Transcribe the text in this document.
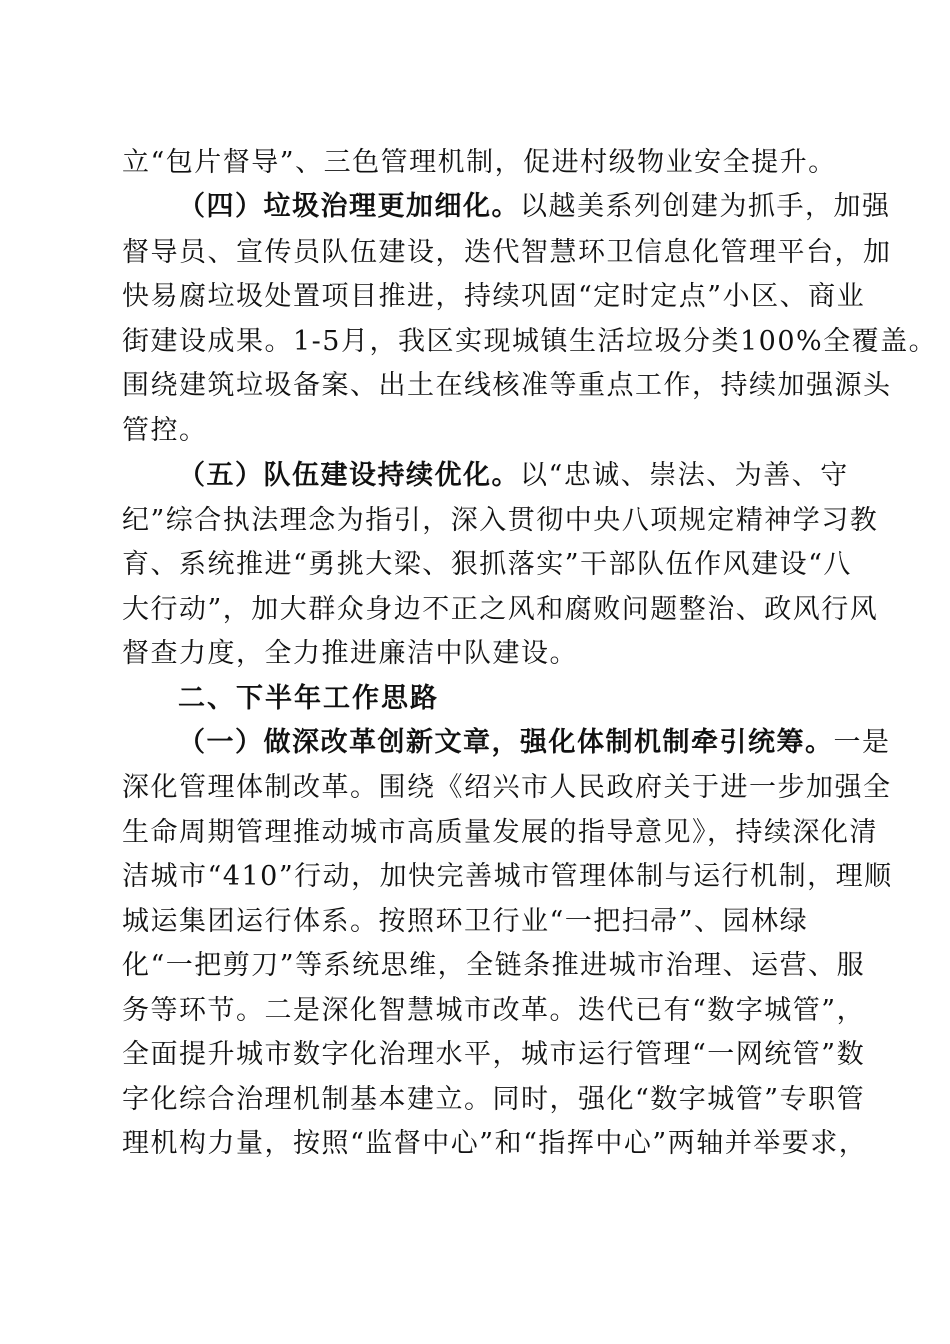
立“包片督导”、三色管理机制，促进村级物业安全提升。
（四）垃圾治理更加细化。以越美系列创建为抓手，加强
督导员、宣传员队伍建设，迭代智慧环卫信息化管理平台，加
快易腐垃圾处置项目推进，持续巩固“定时定点”小区、商业
街建设成果。1-5月，我区实现城镇生活垃圾分类100%全覆盖。
围绕建筑垃圾备案、出土在线核准等重点工作，持续加强源头
管控。
（五）队伍建设持续优化。以“忠诚、崇法、为善、守
纪”综合执法理念为指引，深入贯彻中央八项规定精神学习教
育、系统推进“勇挑大梁、狠抓落实”干部队伍作风建设“八
大行动”，加大群众身边不正之风和腐败问题整治、政风行风
督查力度，全力推进廉洁中队建设。
二、下半年工作思路
（一）做深改革创新文章，强化体制机制牵引统筹。一是
深化管理体制改革。围绕《绍兴市人民政府关于进一步加强全
生命周期管理推动城市高质量发展的指导意见》，持续深化清
洁城市“410”行动，加快完善城市管理体制与运行机制，理顺
城运集团运行体系。按照环卫行业“一把扫帚”、园林绿
化“一把剪刀”等系统思维，全链条推进城市治理、运营、服
务等环节。二是深化智慧城市改革。迭代已有“数字城管”，
全面提升城市数字化治理水平，城市运行管理“一网统管”数
字化综合治理机制基本建立。同时，强化“数字城管”专职管
理机构力量，按照“监督中心”和“指挥中心”两轴并举要求，
